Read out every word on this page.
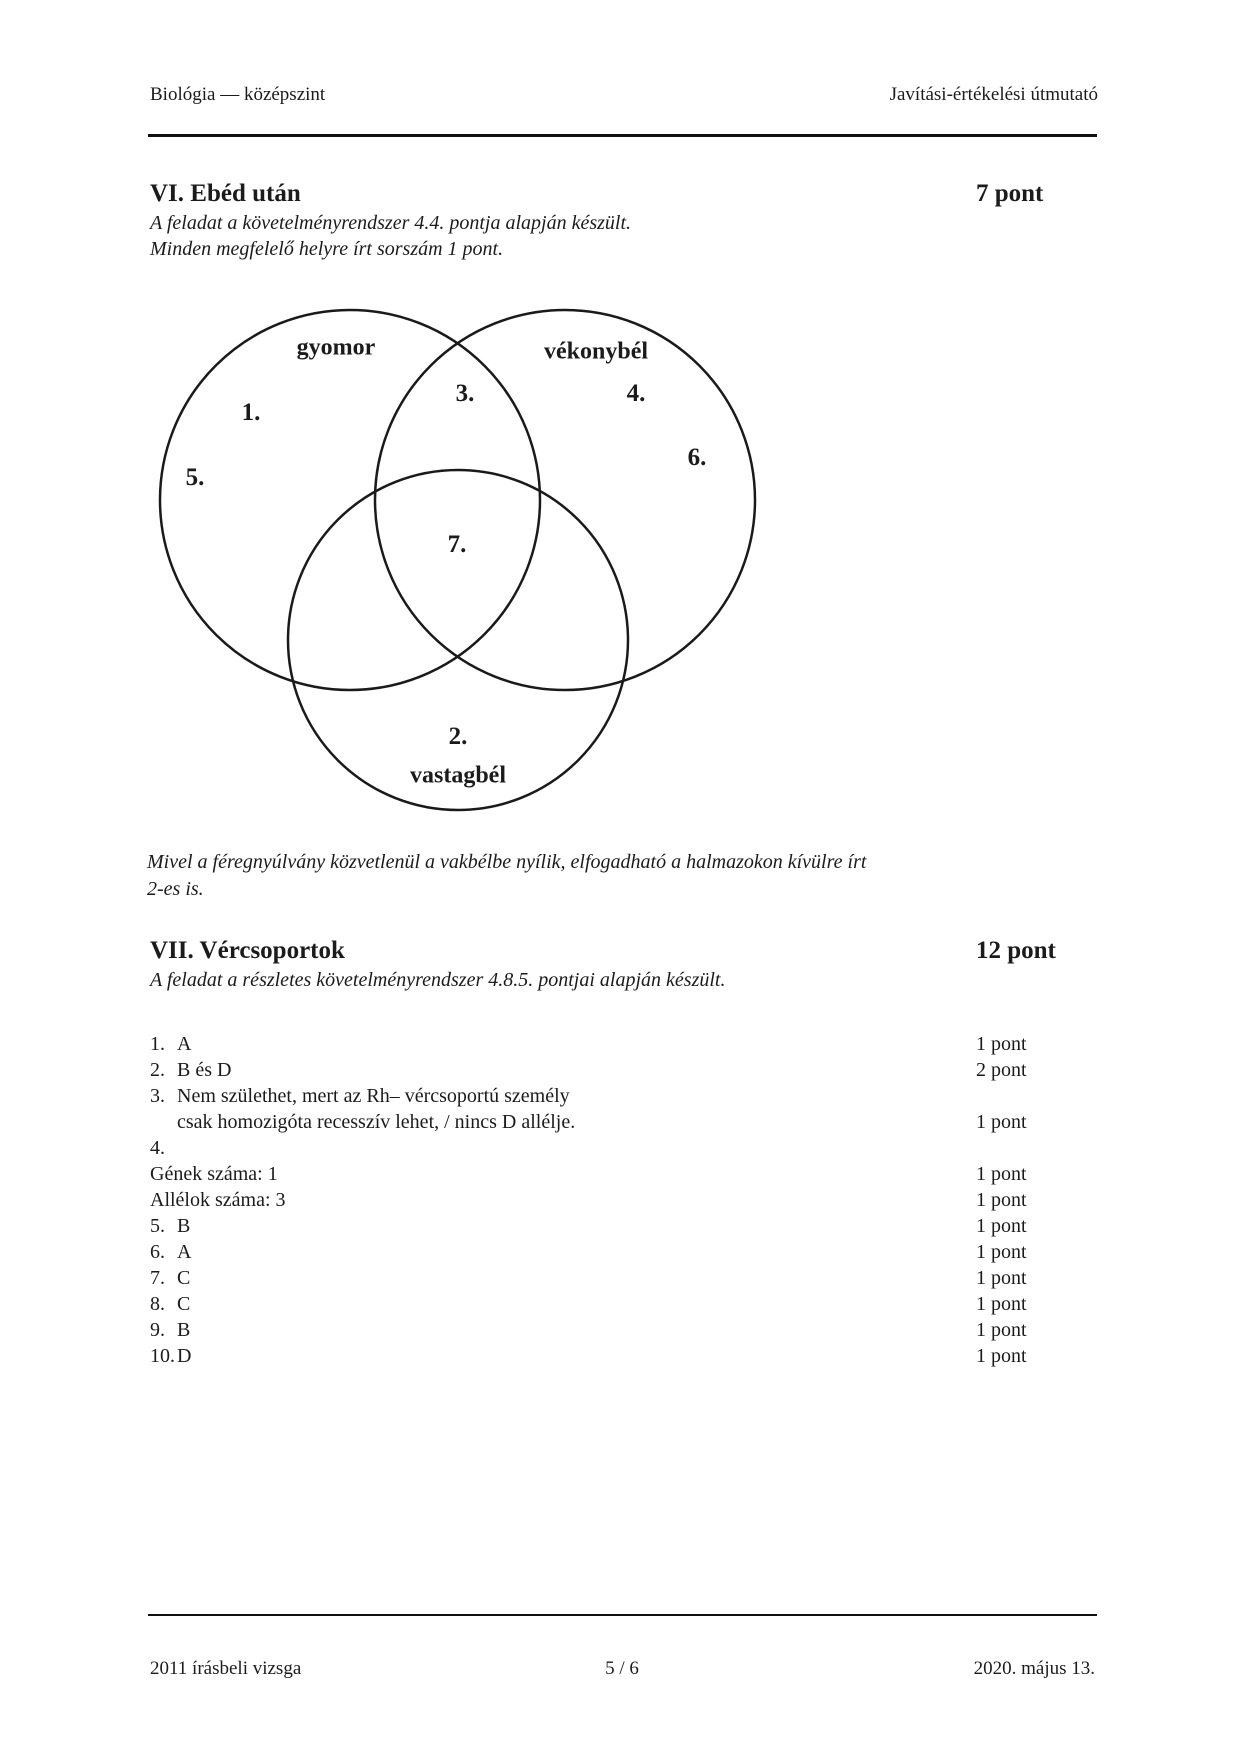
Biológia — középszint	Javítási-értékelési útmutató
VI. Ebéd után	7 pont
A feladat a követelményrendszer 4.4. pontja alapján készült.
Minden megfelelő helyre írt sorszám 1 pont.
gyomor	vékonybél
1.
3.	4.
5.
6.
7.
2.
vastagbél
Mivel a féregnyúlvány közvetlenül a vakbélbe nyílik, elfogadható a halmazokon kívülre írt
2-es is.
VII. Vércsoportok	12 pont
A feladat a részletes követelményrendszer 4.8.5. pontjai alapján készült.
1. A	1 pont
2. B és D	2 pont
3. Nem születhet, mert az Rh– vércsoportú személy
csak homozigóta recesszív lehet, / nincs D allélje.	1 pont
4.
Gének száma: 1	1 pont
Allélok száma: 3	1 pont
5. B	1 pont
6. A	1 pont
7. C	1 pont
8. C	1 pont
9. B	1 pont
10. D	1 pont
2011 írásbeli vizsga	5 / 6	2020. május 13.
